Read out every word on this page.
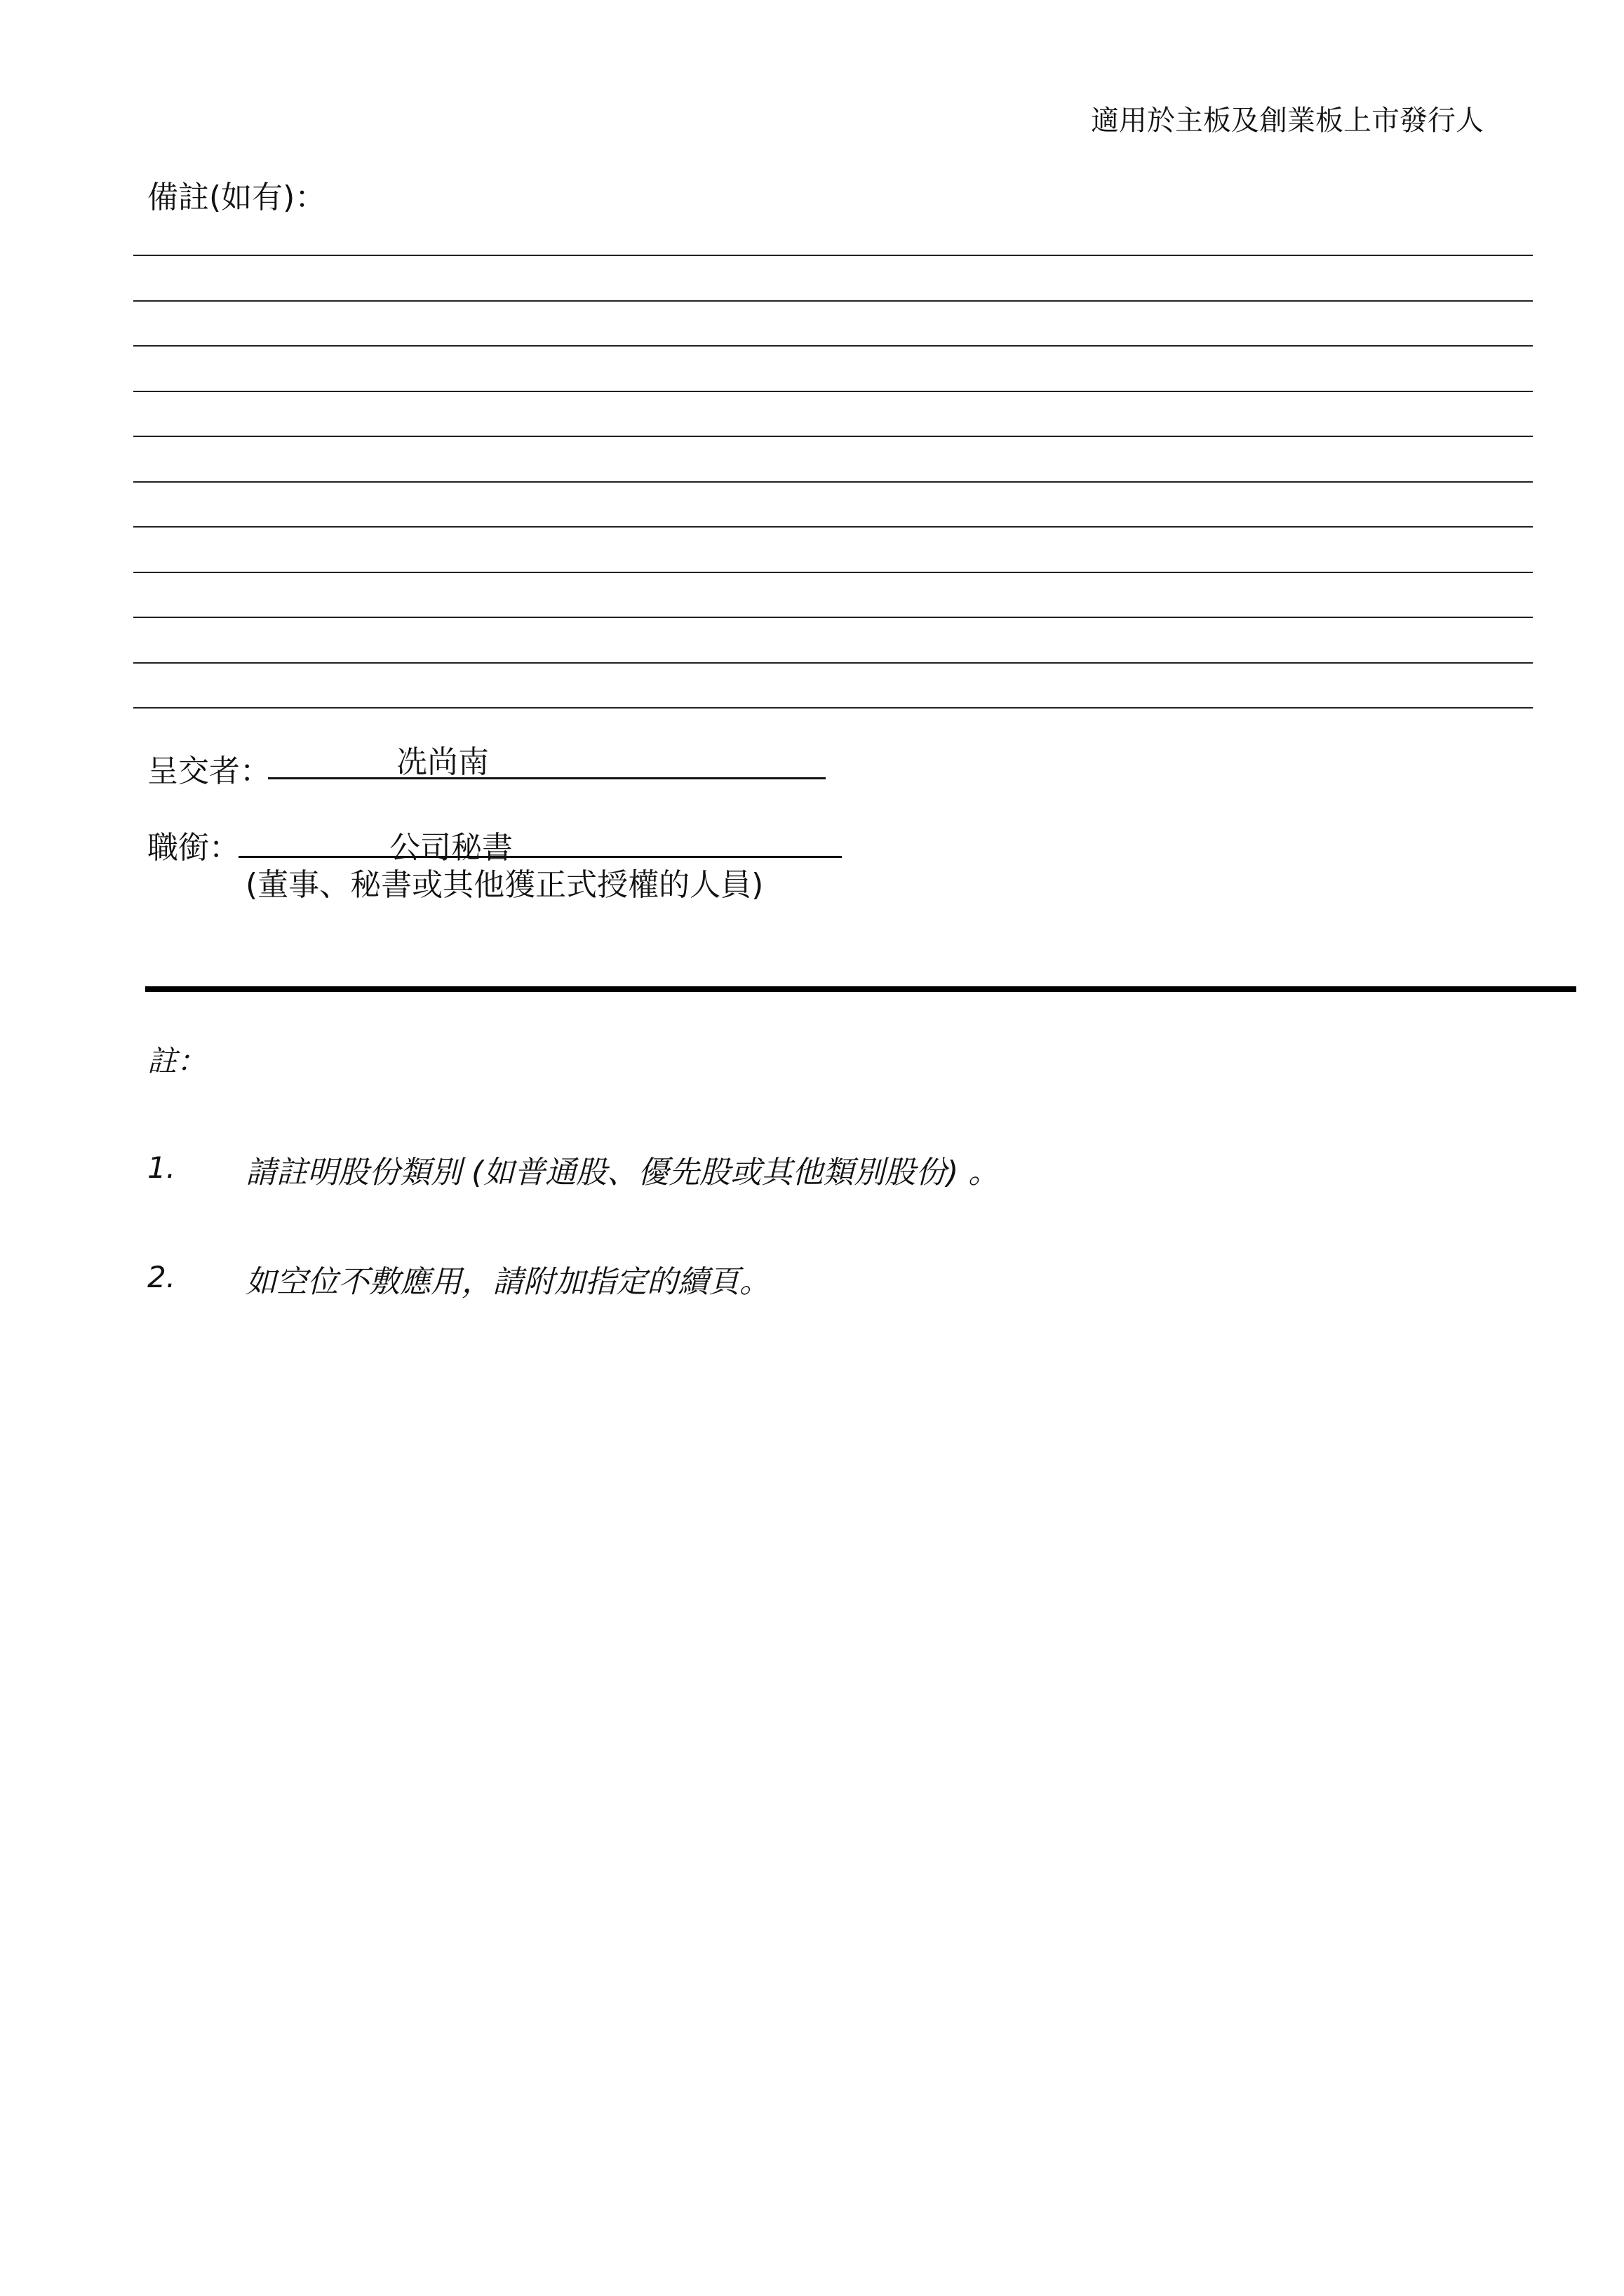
適用於主板及創業板上市發行人
備註(如有)：
呈交者：	冼尚南
職銜：	公司秘書
(董事、秘書或其他獲正式授權的人員)
註：
1. 請註明股份類別 (如普通股、優先股或其他類別股份) 。
2. 如空位不敷應用，請附加指定的續頁。
